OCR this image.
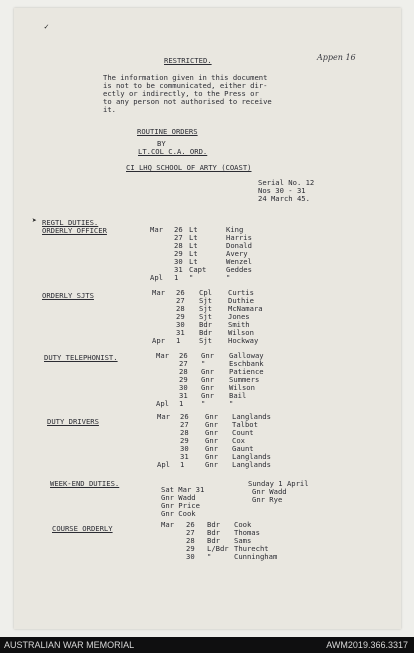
✓
Appen 16
RESTRICTED.
The information given in this document
is not to be communicated, either dir-
ectly or indirectly, to the Press or
to any person not authorised to receive
it.
ROUTINE ORDERS
BY
LT.COL C.A. ORD.
CI LHQ SCHOOL OF ARTY (COAST)
Serial No. 12
Nos 30 - 31
24 March 45.
➤ REGTL DUTIES.
ORDERLY OFFICER	Mar 26 Lt	King
27 Lt	Harris
28 Lt	Donald
29 Lt	Avery
30 Lt	Wenzel
31 Capt	Geddes
Apl 1 "	"
ORDERLY SJTS	Mar 26 Cpl Curtis
27 Sjt Duthie
28 Sjt McNamara
29 Sjt Jones
30 Bdr Smith
31 Bdr Wilson
Apr 1	Sjt Hockway
DUTY TELEPHONIST.	Mar 26 Gnr Galloway
27 "	Eschbank
28 Gnr Patience
29 Gnr Summers
30 Gnr Wilson
31 Gnr Bail
Apl 1 "	"
DUTY DRIVERS
Mar 26 Gnr Langlands
27 Gnr Talbot
28 Gnr Count
29 Gnr Cox
30 Gnr Gaunt
31 Gnr Langlands
Apl 1	Gnr Langlands
COURSE ORDERLY	Mar 26 Bdr Cook
27 Bdr Thomas
28 Bdr Sams
29 L/Bdr Thurecht
30 "	Cunningham
WEEK-END DUTIES.
Sat Mar 31
Gnr Wadd
Gnr Price
Gnr Cook
Sunday 1 April
Gnr Wadd
Gnr Rye
AUSTRALIAN WAR MEMORIAL	AWM2019.366.3317
